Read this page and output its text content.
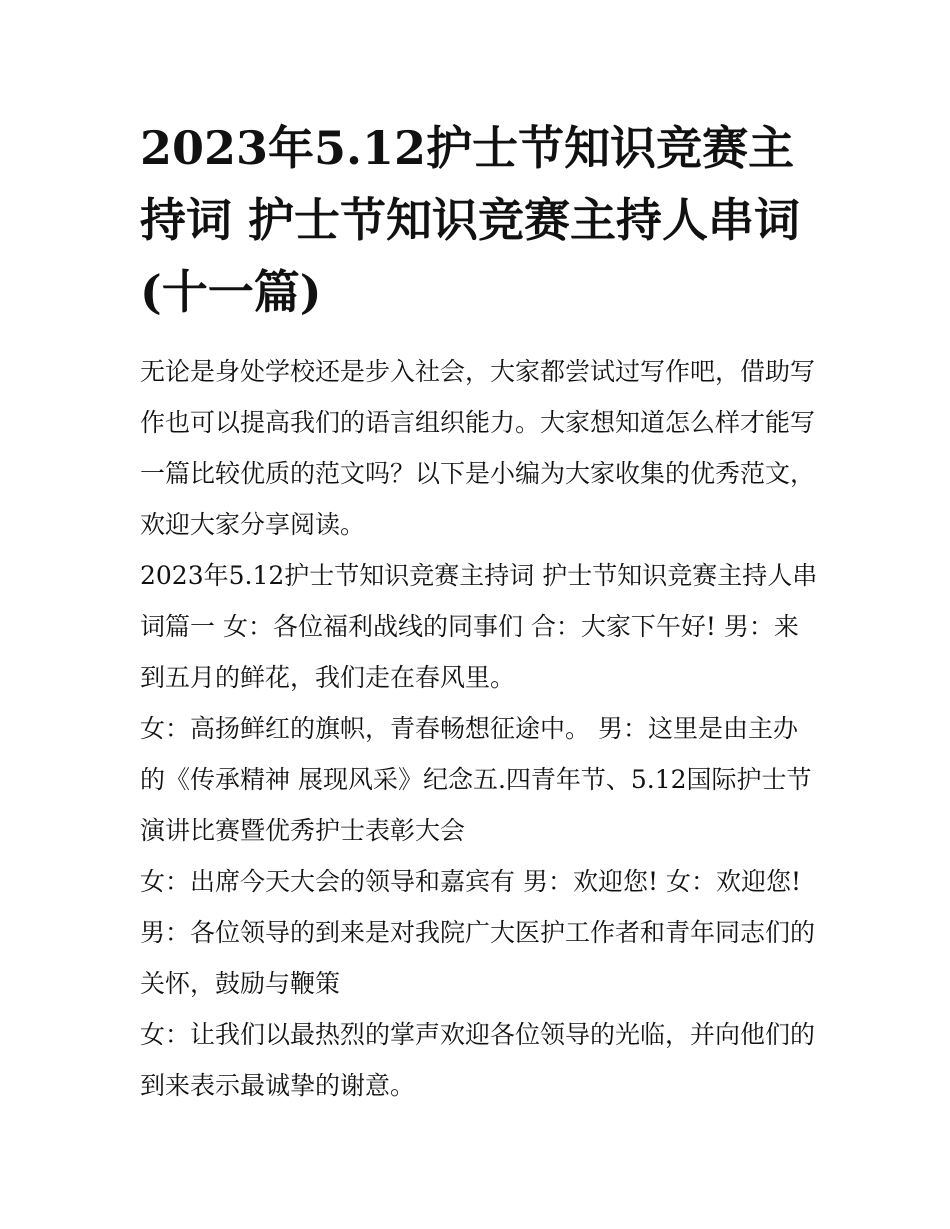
2023年5.12护士节知识竞赛主持词 护士节知识竞赛主持人串词(十一篇)

无论是身处学校还是步入社会，大家都尝试过写作吧，借助写作也可以提高我们的语言组织能力。大家想知道怎么样才能写一篇比较优质的范文吗？以下是小编为大家收集的优秀范文，欢迎大家分享阅读。

2023年5.12护士节知识竞赛主持词 护士节知识竞赛主持人串词篇一 女：各位福利战线的同事们 合：大家下午好! 男：来到五月的鲜花，我们走在春风里。

女：高扬鲜红的旗帜，青春畅想征途中。 男：这里是由主办的《传承精神 展现风采》纪念五.四青年节、5.12国际护士节演讲比赛暨优秀护士表彰大会

女：出席今天大会的领导和嘉宾有 男：欢迎您! 女：欢迎您!

男：各位领导的到来是对我院广大医护工作者和青年同志们的关怀，鼓励与鞭策

女：让我们以最热烈的掌声欢迎各位领导的光临，并向他们的到来表示最诚挚的谢意。
